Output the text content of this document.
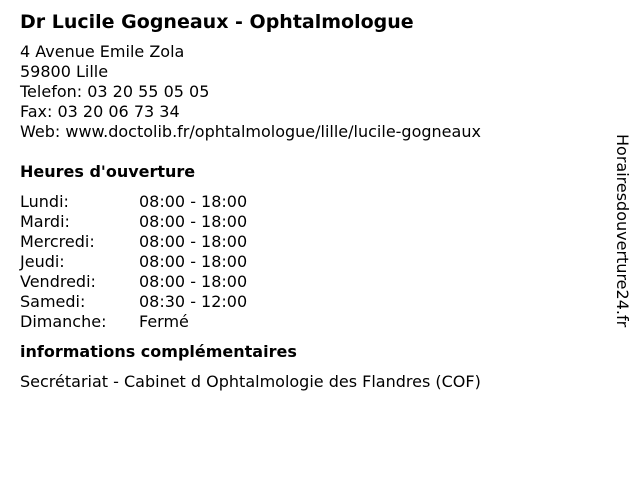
Dr Lucile Gogneaux - Ophtalmologue
4 Avenue Emile Zola
59800 Lille
Telefon: 03 20 55 05 05
Fax: 03 20 06 73 34
Web: www.doctolib.fr/ophtalmologue/lille/lucile-gogneaux
Heures d'ouverture
Lundi:	08:00 - 18:00
Mardi:	08:00 - 18:00
Mercredi:	08:00 - 18:00
Jeudi:	08:00 - 18:00
Vendredi:	08:00 - 18:00
Samedi:	08:30 - 12:00
Dimanche:	Fermé
informations complémentaires
Secrétariat - Cabinet d Ophtalmologie des Flandres (COF)
Horairesdouverture24.fr
